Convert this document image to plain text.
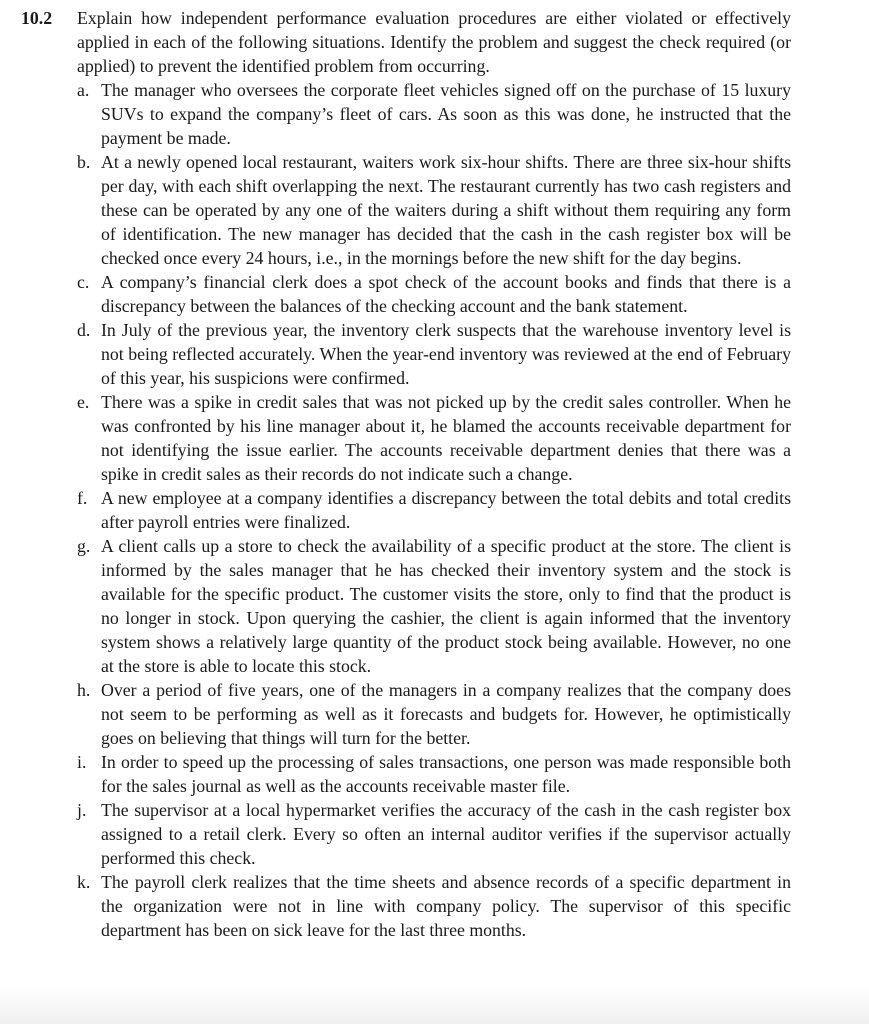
10.2 Explain how independent performance evaluation procedures are either violated or effectively applied in each of the following situations. Identify the problem and suggest the check required (or applied) to prevent the identified problem from occurring.
a. The manager who oversees the corporate fleet vehicles signed off on the purchase of 15 luxury SUVs to expand the company’s fleet of cars. As soon as this was done, he instructed that the payment be made.
b. At a newly opened local restaurant, waiters work six-hour shifts. There are three six-hour shifts per day, with each shift overlapping the next. The restaurant currently has two cash registers and these can be operated by any one of the waiters during a shift without them requiring any form of identification. The new manager has decided that the cash in the cash register box will be checked once every 24 hours, i.e., in the mornings before the new shift for the day begins.
c. A company’s financial clerk does a spot check of the account books and finds that there is a discrepancy between the balances of the checking account and the bank statement.
d. In July of the previous year, the inventory clerk suspects that the warehouse inventory level is not being reflected accurately. When the year-end inventory was reviewed at the end of February of this year, his suspicions were confirmed.
e. There was a spike in credit sales that was not picked up by the credit sales controller. When he was confronted by his line manager about it, he blamed the accounts receivable department for not identifying the issue earlier. The accounts receivable department denies that there was a spike in credit sales as their records do not indicate such a change.
f. A new employee at a company identifies a discrepancy between the total debits and total credits after payroll entries were finalized.
g. A client calls up a store to check the availability of a specific product at the store. The client is informed by the sales manager that he has checked their inventory system and the stock is available for the specific product. The customer visits the store, only to find that the product is no longer in stock. Upon querying the cashier, the client is again informed that the inventory system shows a relatively large quantity of the product stock being available. However, no one at the store is able to locate this stock.
h. Over a period of five years, one of the managers in a company realizes that the company does not seem to be performing as well as it forecasts and budgets for. However, he optimistically goes on believing that things will turn for the better.
i. In order to speed up the processing of sales transactions, one person was made responsible both for the sales journal as well as the accounts receivable master file.
j. The supervisor at a local hypermarket verifies the accuracy of the cash in the cash register box assigned to a retail clerk. Every so often an internal auditor verifies if the supervisor actually performed this check.
k. The payroll clerk realizes that the time sheets and absence records of a specific department in the organization were not in line with company policy. The supervisor of this specific department has been on sick leave for the last three months.
